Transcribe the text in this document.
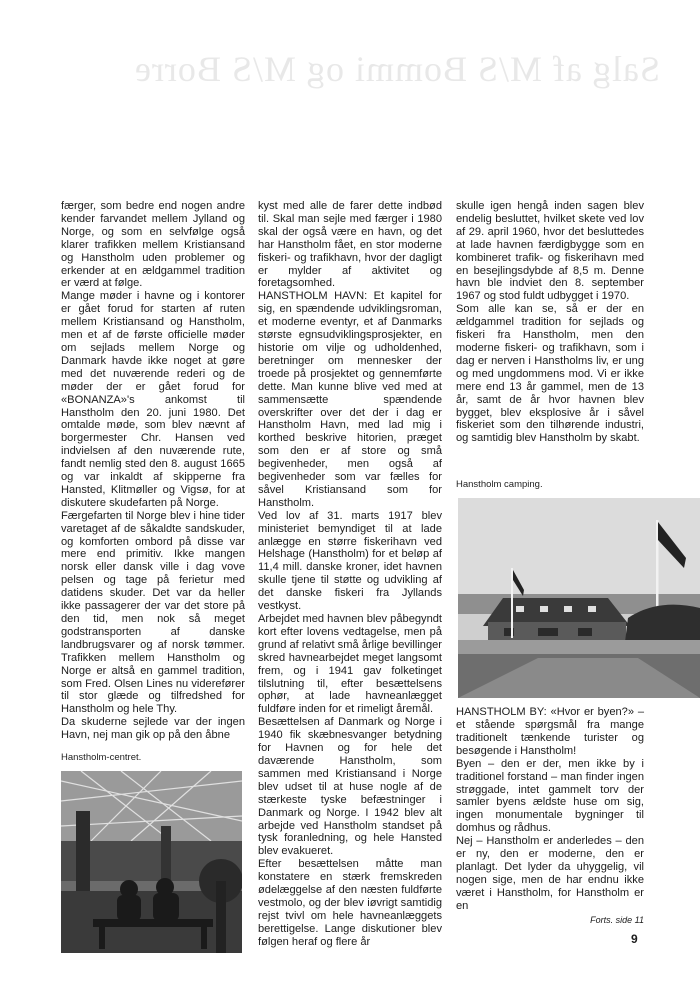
Salg af M/S Bommi og M/S Borre

færger, som bedre end nogen andre kender farvandet mellem Jylland og Norge, og som en selvfølge også klarer trafikken mellem Kristiansand og Hanstholm uden problemer og erkender at en ældgammel tradition er værd at følge.

Mange møder i havne og i kontorer er gået forud for starten af ruten mellem Kristiansand og Hanstholm, men et af de første officielle møder om sejlads mellem Norge og Danmark havde ikke noget at gøre med det nuværende rederi og de møder der er gået forud for «BONANZA»'s ankomst til Hanstholm den 20. juni 1980. Det omtalde møde, som blev nævnt af borgermester Chr. Hansen ved indvielsen af den nuværende rute, fandt nemlig sted den 8. august 1665 og var inkaldt af skipperne fra Hansted, Klitmøller og Vigsø, for at diskutere skudefarten på Norge.

Færgefarten til Norge blev i hine tider varetaget af de såkaldte sandskuder, og komforten ombord på disse var mere end primitiv. Ikke mangen norsk eller dansk ville i dag vove pelsen og tage på ferietur med datidens skuder. Det var da heller ikke passagerer der var det store på den tid, men nok så meget godstransporten af danske landbrugsvarer og af norsk tømmer. Trafikken mellem Hanstholm og Norge er altså en gammel tradition, som Fred. Olsen Lines nu viderefører til stor glæde og tilfredshed for Hanstholm og hele Thy.

Da skuderne sejlede var der ingen Havn, nej man gik op på den åbne

Hanstholm-centret.

kyst med alle de farer dette indbød til. Skal man sejle med færger i 1980 skal der også være en havn, og det har Hanstholm fået, en stor moderne fiskeri- og trafikhavn, hvor der dagligt er mylder af aktivitet og foretagsomhed.

HANSTHOLM HAVN: Et kapitel for sig, en spændende udviklingsroman, et moderne eventyr, et af Danmarks største egnsudviklingsprosjekter, en historie om vilje og udholdenhed, beretninger om mennesker der troede på prosjektet og gennemførte dette. Man kunne blive ved med at sammensætte spændende overskrifter over det der i dag er Hanstholm Havn, med lad mig i korthed beskrive hitorien, præget som den er af store og små begivenheder, men også af begivenheder som var fælles for såvel Kristiansand som for Hanstholm.

Ved lov af 31. marts 1917 blev ministeriet bemyndiget til at lade anlægge en større fiskerihavn ved Helshage (Hanstholm) for et beløp af 11,4 mill. danske kroner, idet havnen skulle tjene til støtte og udvikling af det danske fiskeri fra Jyllands vestkyst.

Arbejdet med havnen blev påbegyndt kort efter lovens vedtagelse, men på grund af relativt små årlige bevillinger skred havnearbejdet meget langsomt frem, og i 1941 gav folketinget tilslutning til, efter besættelsens ophør, at lade havneanlægget fuldføre inden for et rimeligt åremål.

Besættelsen af Danmark og Norge i 1940 fik skæbnesvanger betydning for Havnen og for hele det daværende Hanstholm, som sammen med Kristiansand i Norge blev udset til at huse nogle af de stærkeste tyske befæstninger i Danmark og Norge. I 1942 blev alt arbejde ved Hanstholm standset på tysk foranledning, og hele Hansted blev evakueret.

Efter besættelsen måtte man konstatere en stærk fremskreden ødelæggelse af den næsten fuldførte vestmolo, og der blev iøvrigt samtidig rejst tvivl om hele havneanlæggets berettigelse. Lange diskutioner blev følgen heraf og flere år

skulle igen hengå inden sagen blev endelig besluttet, hvilket skete ved lov af 29. april 1960, hvor det besluttedes at lade havnen færdigbygge som en kombineret trafik- og fiskerihavn med en besejlingsdybde af 8,5 m. Denne havn ble indviet den 8. september 1967 og stod fuldt udbygget i 1970.

Som alle kan se, så er der en ældgammel tradition for sejlads og fiskeri fra Hanstholm, men den moderne fiskeri- og trafikhavn, som i dag er nerven i Hanstholms liv, er ung og med ungdommens mod. Vi er ikke mere end 13 år gammel, men de 13 år, samt de år hvor havnen blev bygget, blev eksplosive år i såvel fiskeriet som den tilhørende industri, og samtidig blev Hanstholm by skabt.

Hanstholm camping.

HANSTHOLM BY: «Hvor er byen?» – et stående spørgsmål fra mange traditionelt tænkende turister og besøgende i Hanstholm!

Byen – den er der, men ikke by i traditionel forstand – man finder ingen strøggade, intet gammelt torv der samler byens ældste huse om sig, ingen monumentale bygninger til domhus og rådhus.

Nej – Hanstholm er anderledes – den er ny, den er moderne, den er planlagt. Det lyder da uhyggelig, vil nogen sige, men de har endnu ikke været i Hanstholm, for Hanstholm er en

Forts. side 11
9
